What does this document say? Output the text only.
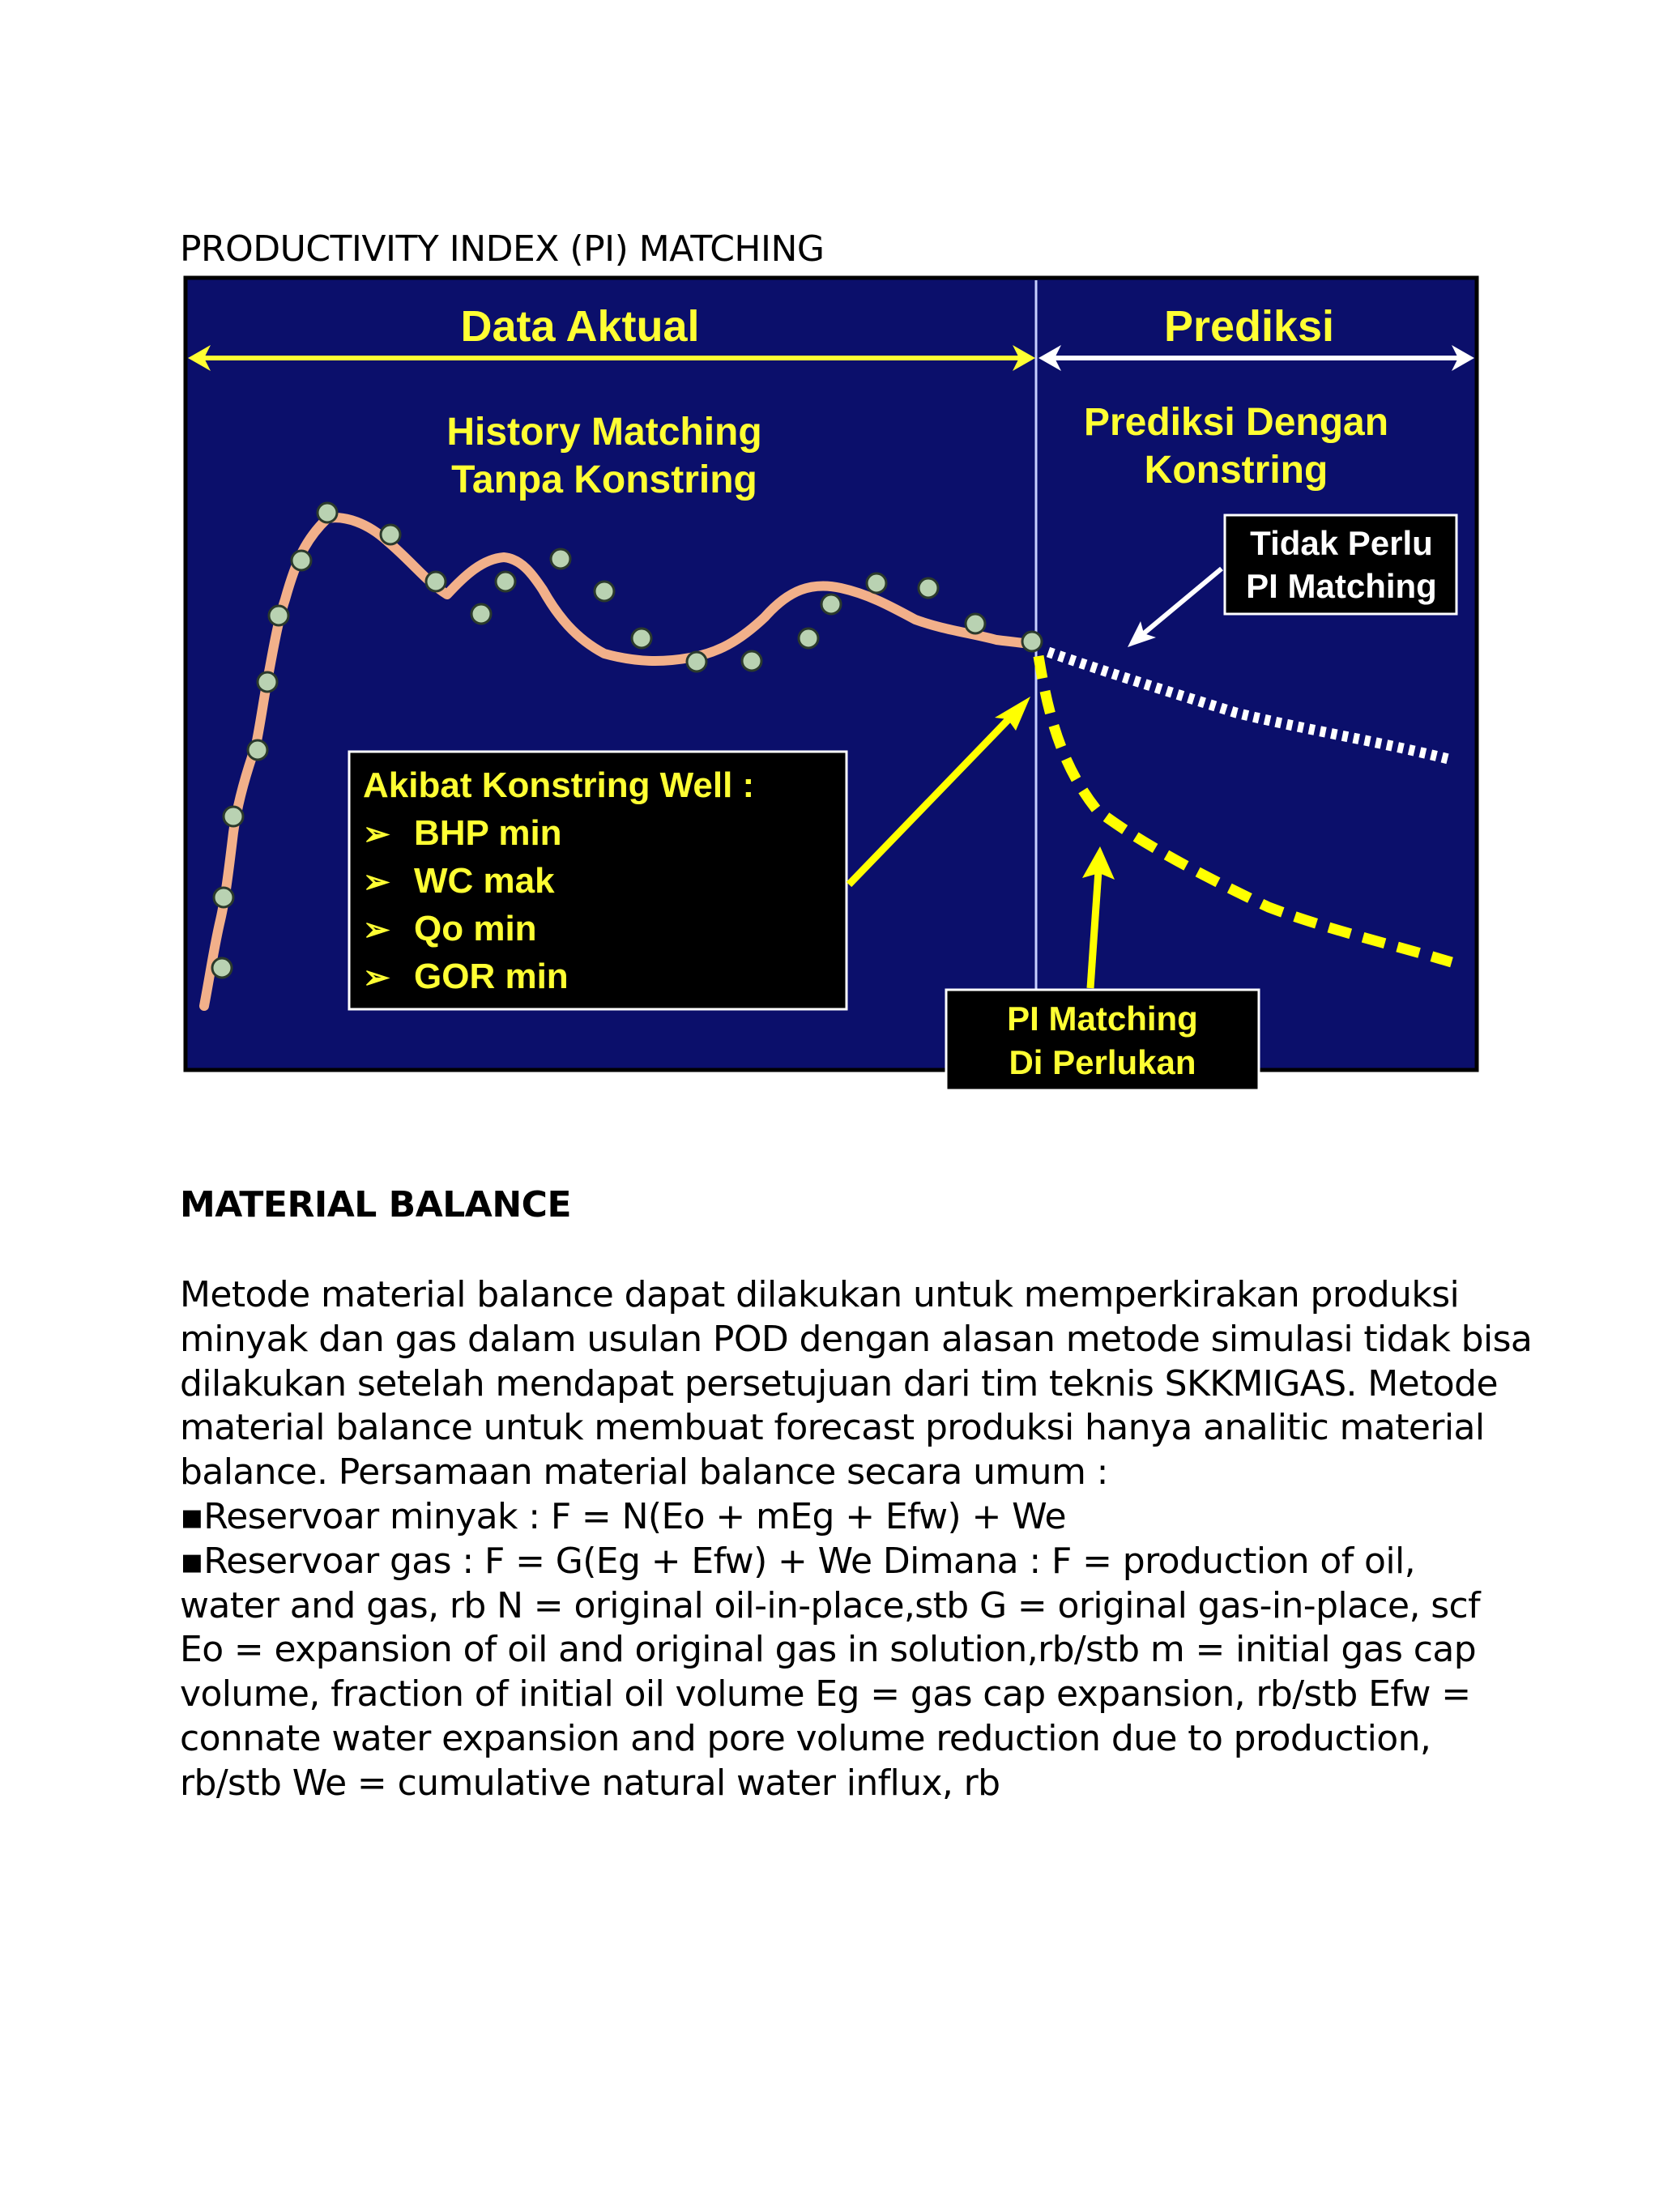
PRODUCTIVITY INDEX (PI) MATCHING
Data Aktual	Prediksi
History Matching
Tanpa Konstring
Prediksi Dengan
Konstring
Tidak Perlu
PI Matching
Akibat Konstring Well :
➢ BHP min
➢ WC mak
➢ Qo min
➢ GOR min
PI Matching
Di Perlukan
MATERIAL BALANCE
Metode material balance dapat dilakukan untuk memperkirakan produksi
minyak dan gas dalam usulan POD dengan alasan metode simulasi tidak bisa
dilakukan setelah mendapat persetujuan dari tim teknis SKKMIGAS. Metode
material balance untuk membuat forecast produksi hanya analitic material
balance. Persamaan material balance secara umum :
▪Reservoar minyak : F = N(Eo + mEg + Efw) + We
▪Reservoar gas : F = G(Eg + Efw) + We Dimana : F = production of oil,
water and gas, rb N = original oil-in-place,stb G = original gas-in-place, scf
Eo = expansion of oil and original gas in solution,rb/stb m = initial gas cap
volume, fraction of initial oil volume Eg = gas cap expansion, rb/stb Efw =
connate water expansion and pore volume reduction due to production,
rb/stb We = cumulative natural water influx, rb
